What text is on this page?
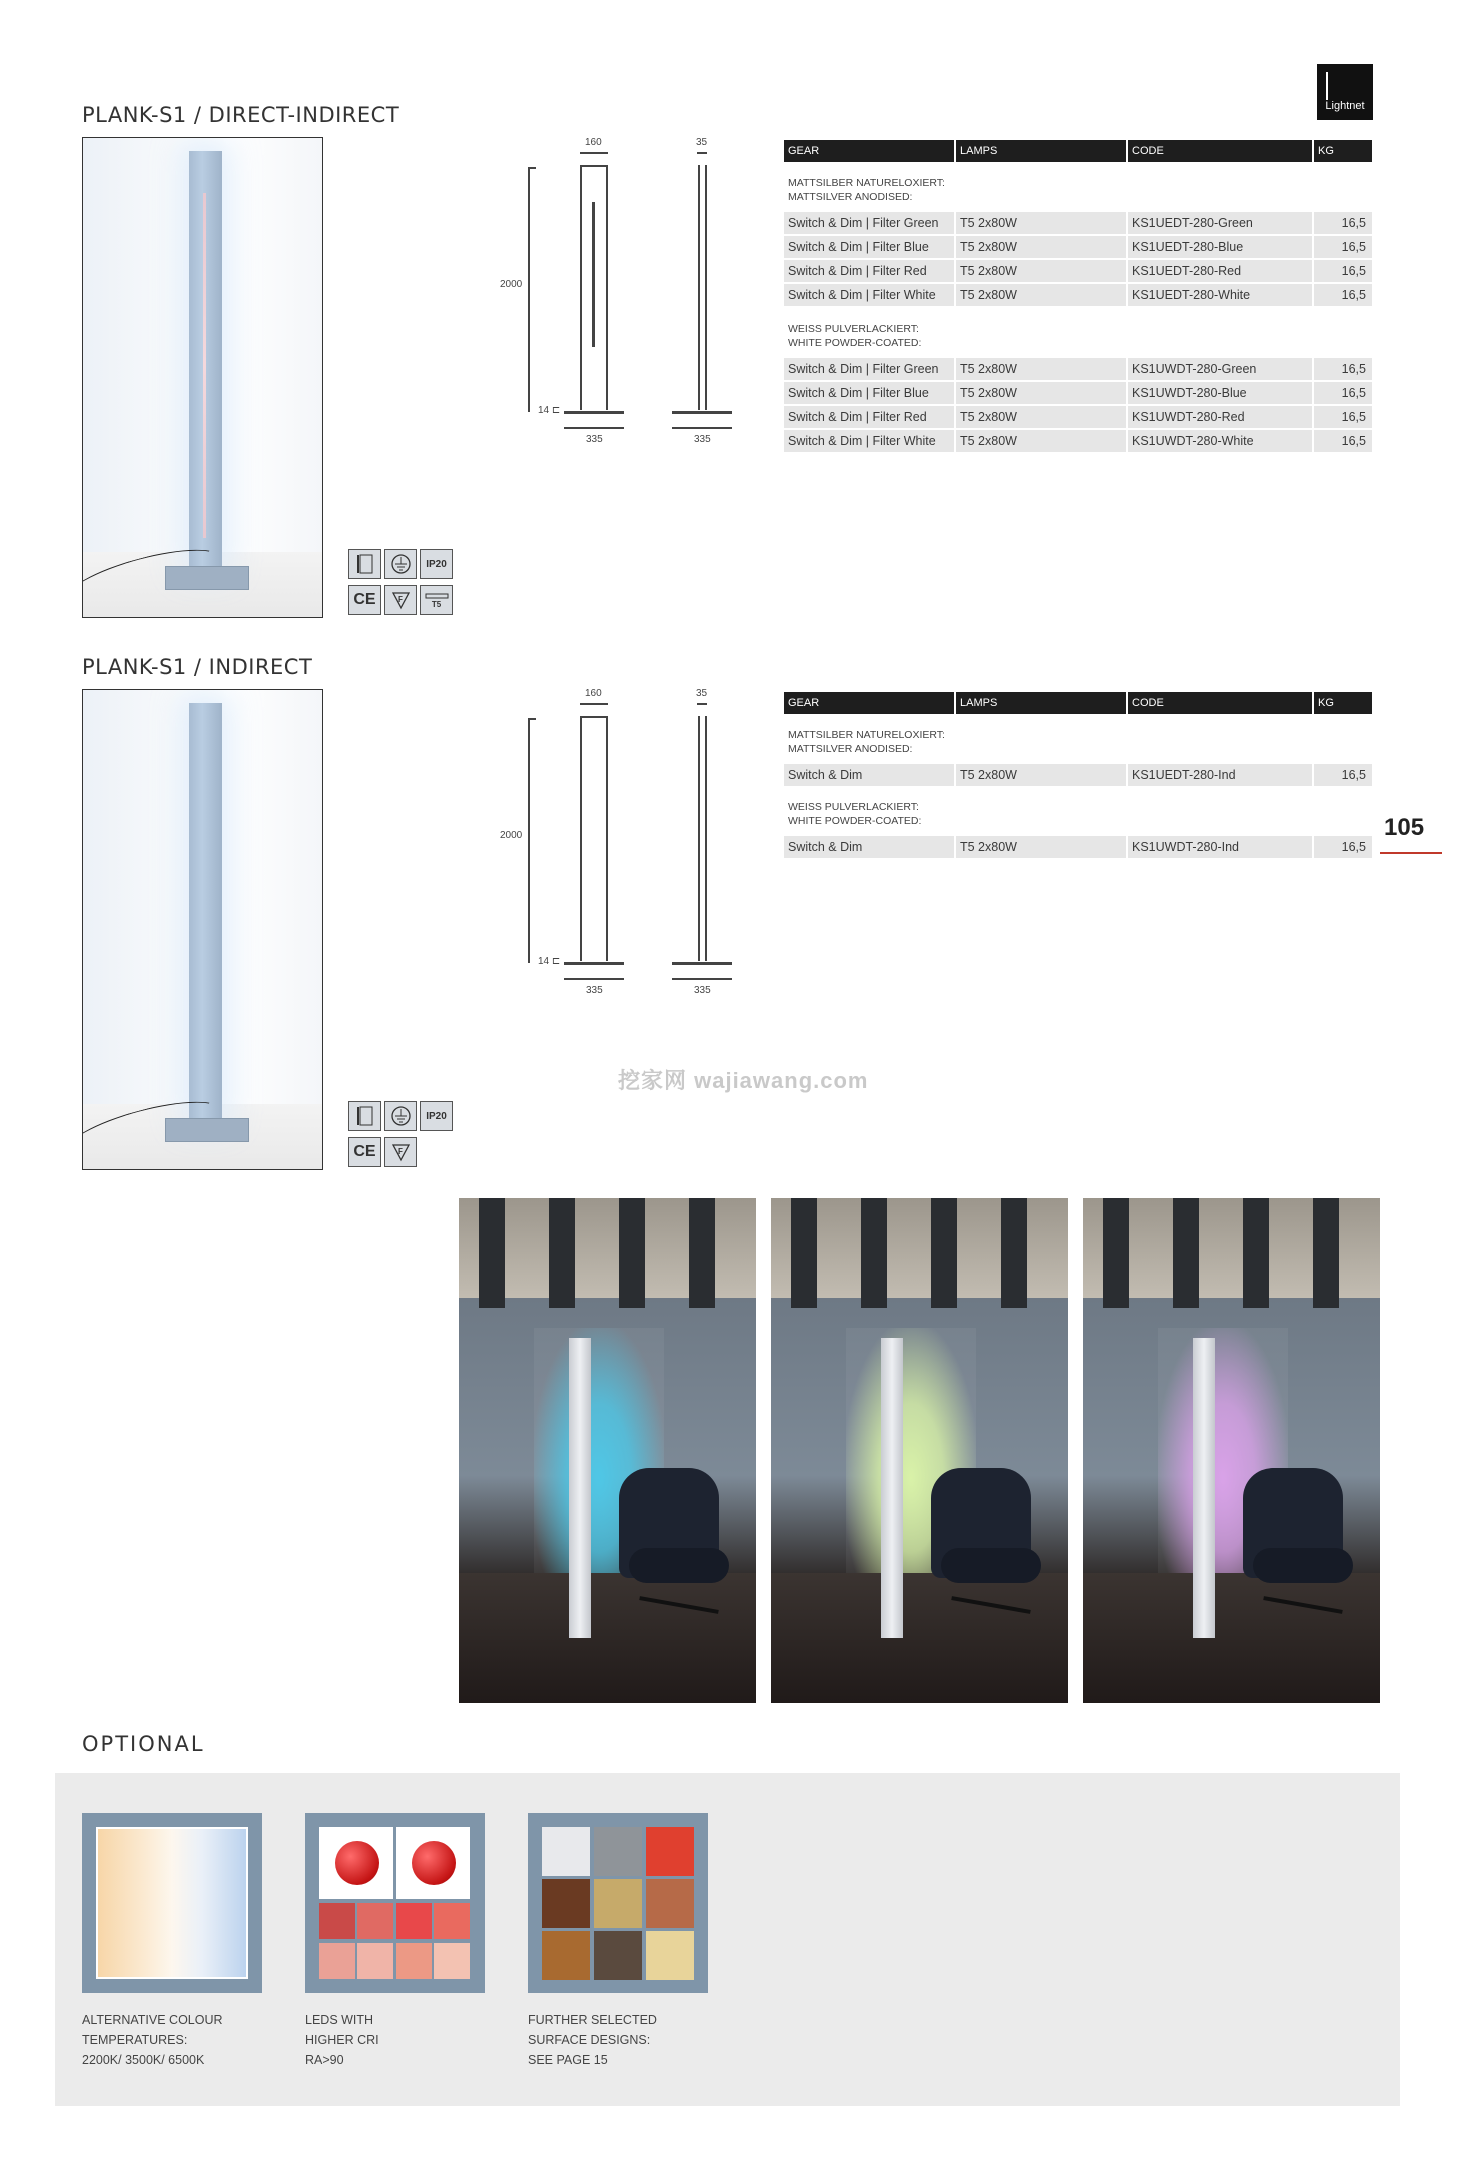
Lightnet
PLANK-S1 / DIRECT-INDIRECT
IP20
CE	F	T5
160	35
2000
14 ⊏
335	335
GEAR	LAMPS	CODE	KG
MATTSILBER NATURELOXIERT:
MATTSILVER ANODISED:
Switch & Dim | Filter Green	T5 2x80W	KS1UEDT-280-Green	16,5
Switch & Dim | Filter Blue	T5 2x80W	KS1UEDT-280-Blue	16,5
Switch & Dim | Filter Red	T5 2x80W	KS1UEDT-280-Red	16,5
Switch & Dim | Filter White	T5 2x80W	KS1UEDT-280-White	16,5
WEISS PULVERLACKIERT:
WHITE POWDER-COATED:
Switch & Dim | Filter Green	T5 2x80W	KS1UWDT-280-Green	16,5
Switch & Dim | Filter Blue	T5 2x80W	KS1UWDT-280-Blue	16,5
Switch & Dim | Filter Red	T5 2x80W	KS1UWDT-280-Red	16,5
Switch & Dim | Filter White	T5 2x80W	KS1UWDT-280-White	16,5
PLANK-S1 / INDIRECT
IP20
CE	F
160	35
2000
14 ⊏
335	335
GEAR	LAMPS	CODE	KG
MATTSILBER NATURELOXIERT:
MATTSILVER ANODISED:
Switch & Dim	T5 2x80W	KS1UEDT-280-Ind	16,5
WEISS PULVERLACKIERT:
WHITE POWDER-COATED:
Switch & Dim	T5 2x80W	KS1UWDT-280-Ind	16,5
105
挖家网 wajiawang.com
OPTIONAL
ALTERNATIVE COLOUR
TEMPERATURES:
2200K/ 3500K/ 6500K
LEDS WITH
HIGHER CRI
RA>90
FURTHER SELECTED
SURFACE DESIGNS:
SEE PAGE 15
